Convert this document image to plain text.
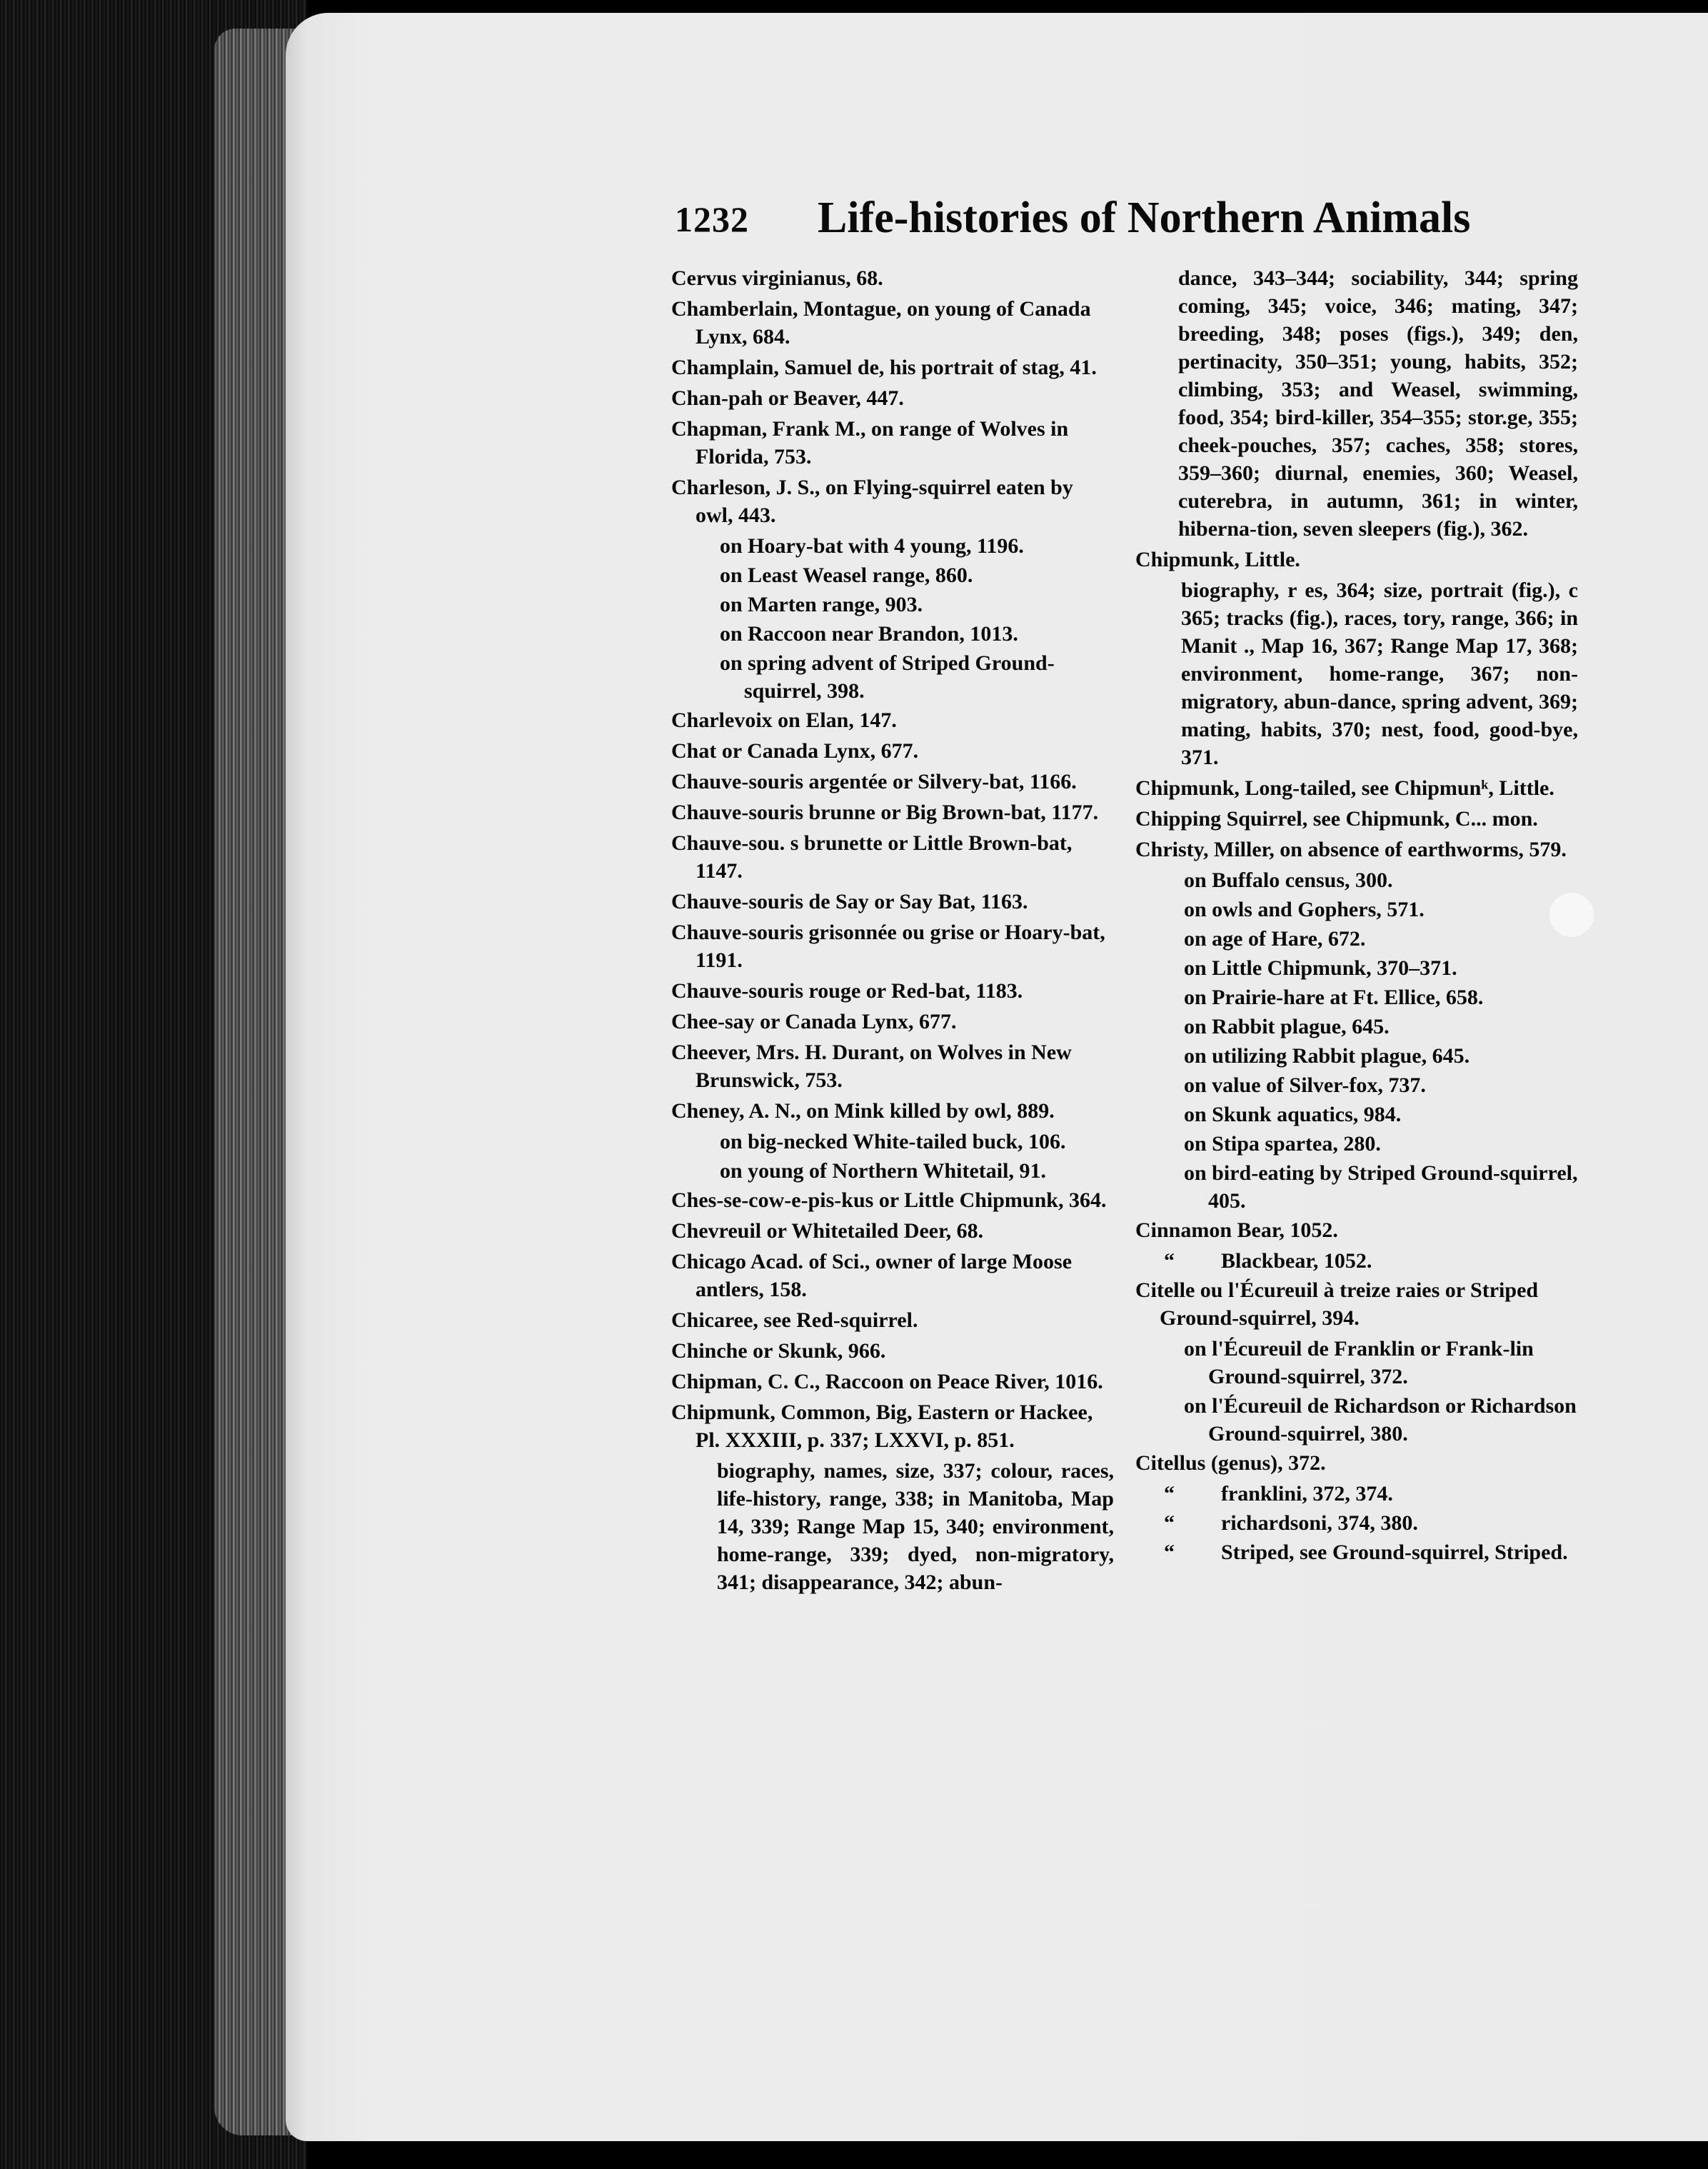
1232 Life-histories of Northern Animals
Cervus virginianus, 68.
Chamberlain, Montague, on young of Canada Lynx, 684.
Champlain, Samuel de, his portrait of stag, 41.
Chan-pah or Beaver, 447.
Chapman, Frank M., on range of Wolves in Florida, 753.
Charleson, J. S., on Flying-squirrel eaten by owl, 443.
on Hoary-bat with 4 young, 1196.
on Least Weasel range, 860.
on Marten range, 903.
on Raccoon near Brandon, 1013.
on spring advent of Striped Ground-squirrel, 398.
Charlevoix on Elan, 147.
Chat or Canada Lynx, 677.
Chauve-souris argentée or Silvery-bat, 1166.
Chauve-souris brunne or Big Brown-bat, 1177.
Chauve-sou. s brunette or Little Brown-bat, 1147.
Chauve-souris de Say or Say Bat, 1163.
Chauve-souris grisonnée ou grise or Hoary-bat, 1191.
Chauve-souris rouge or Red-bat, 1183.
Chee-say or Canada Lynx, 677.
Cheever, Mrs. H. Durant, on Wolves in New Brunswick, 753.
Cheney, A. N., on Mink killed by owl, 889.
on big-necked White-tailed buck, 106.
on young of Northern Whitetail, 91.
Ches-se-cow-e-pis-kus or Little Chipmunk, 364.
Chevreuil or Whitetailed Deer, 68.
Chicago Acad. of Sci., owner of large Moose antlers, 158.
Chicaree, see Red-squirrel.
Chinche or Skunk, 966.
Chipman, C. C., Raccoon on Peace River, 1016.
Chipmunk, Common, Big, Eastern or Hackee, Pl. XXXIII, p. 337; LXXVI, p. 851.
biography, names, size, 337; colour, races, life-history, range, 338; in Manitoba, Map 14, 339; Range Map 15, 340; environment, home-range, 339; dyed, non-migratory, 341; disappearance, 342; abun-
dance, 343–344; sociability, 344; spring coming, 345; voice, 346; mating, 347; breeding, 348; poses (figs.), 349; den, pertinacity, 350–351; young, habits, 352; climbing, 353; and Weasel, swimming, food, 354; bird-killer, 354–355; stor.ge, 355; cheek-pouches, 357; caches, 358; stores, 359–360; diurnal, enemies, 360; Weasel, cuterebra, in autumn, 361; in winter, hiberna-tion, seven sleepers (fig.), 362.
Chipmunk, Little.
biography, r es, 364; size, portrait (fig.), c 365; tracks (fig.), races, tory, range, 366; in Manit ., Map 16, 367; Range Map 17, 368; environment, home-range, 367; non-migratory, abun-dance, spring advent, 369; mating, habits, 370; nest, food, good-bye, 371.
Chipmunk, Long-tailed, see Chipmunᵏ, Little.
Chipping Squirrel, see Chipmunk, C... mon.
Christy, Miller, on absence of earthworms, 579.
on Buffalo census, 300.
on owls and Gophers, 571.
on age of Hare, 672.
on Little Chipmunk, 370–371.
on Prairie-hare at Ft. Ellice, 658.
on Rabbit plague, 645.
on utilizing Rabbit plague, 645.
on value of Silver-fox, 737.
on Skunk aquatics, 984.
on Stipa spartea, 280.
on bird-eating by Striped Ground-squirrel, 405.
Cinnamon Bear, 1052.
“ Blackbear, 1052.
Citelle ou l'Écureuil à treize raies or Striped Ground-squirrel, 394.
on l'Écureuil de Franklin or Frank-lin Ground-squirrel, 372.
on l'Écureuil de Richardson or Richardson Ground-squirrel, 380.
Citellus (genus), 372.
“ franklini, 372, 374.
“ richardsoni, 374, 380.
“ Striped, see Ground-squirrel, Striped.
